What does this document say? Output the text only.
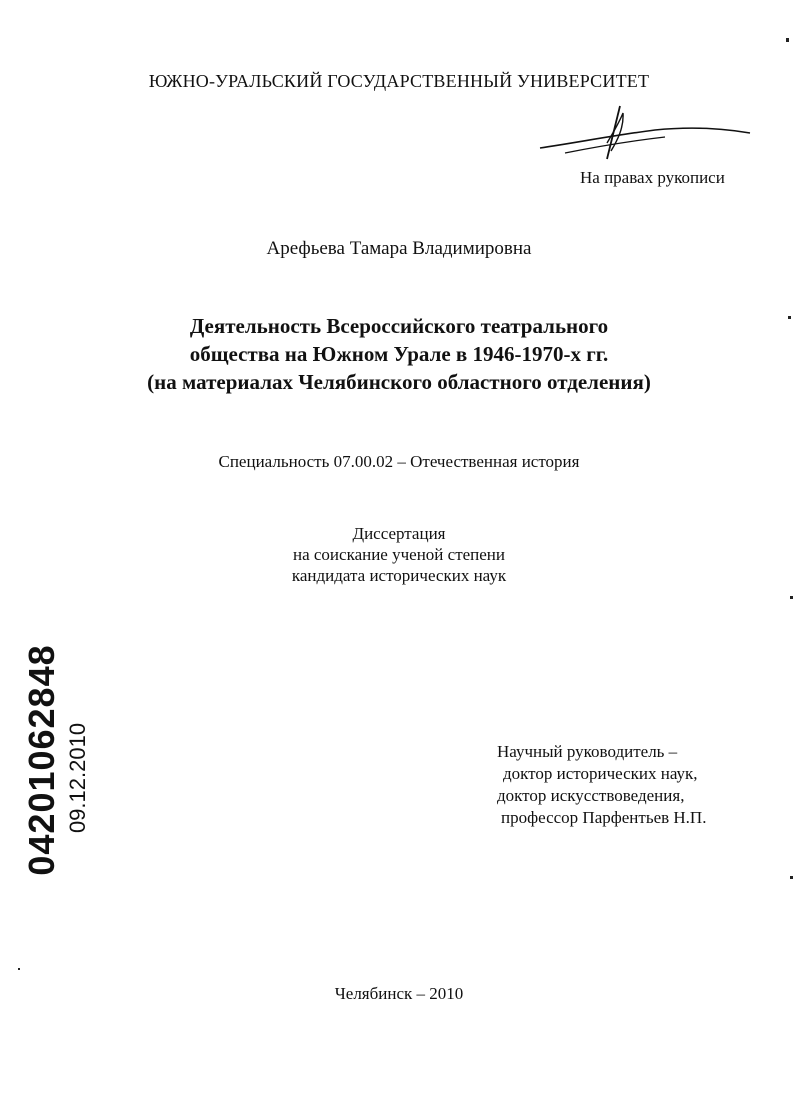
ЮЖНО-УРАЛЬСКИЙ ГОСУДАРСТВЕННЫЙ УНИВЕРСИТЕТ
На правах рукописи
Арефьева Тамара Владимировна
Деятельность Всероссийского театрального
общества на Южном Урале в 1946-1970-х гг.
(на материалах Челябинского областного отделения)
Специальность 07.00.02 – Отечественная история
Диссертация
на соискание ученой степени
кандидата исторических наук
04201062848 09.12.2010	Научный руководитель –
доктор исторических наук,
доктор искусствоведения,
профессор Парфентьев Н.П.
Челябинск – 2010
